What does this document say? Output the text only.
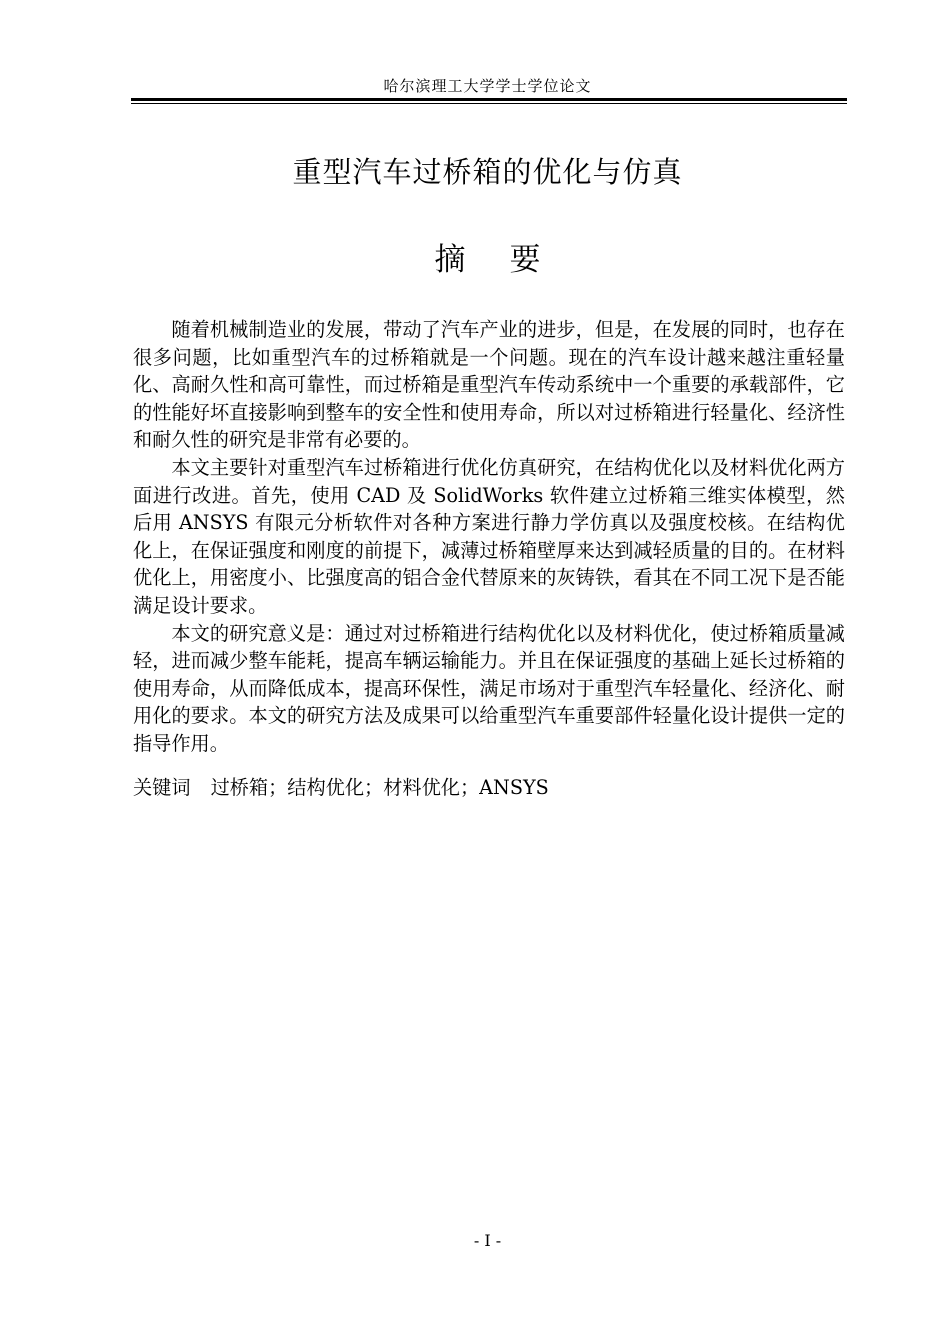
哈尔滨理工大学学士学位论文
重型汽车过桥箱的优化与仿真
摘 要

随着机械制造业的发展，带动了汽车产业的进步，但是，在发展的同时，也存在很多问题，比如重型汽车的过桥箱就是一个问题。现在的汽车设计越来越注重轻量化、高耐久性和高可靠性，而过桥箱是重型汽车传动系统中一个重要的承载部件，它的性能好坏直接影响到整车的安全性和使用寿命，所以对过桥箱进行轻量化、经济性和耐久性的研究是非常有必要的。

本文主要针对重型汽车过桥箱进行优化仿真研究，在结构优化以及材料优化两方面进行改进。首先，使用 CAD 及 SolidWorks 软件建立过桥箱三维实体模型，然后用 ANSYS 有限元分析软件对各种方案进行静力学仿真以及强度校核。在结构优化上，在保证强度和刚度的前提下，减薄过桥箱壁厚来达到减轻质量的目的。在材料优化上，用密度小、比强度高的铝合金代替原来的灰铸铁，看其在不同工况下是否能满足设计要求。

本文的研究意义是：通过对过桥箱进行结构优化以及材料优化，使过桥箱质量减轻，进而减少整车能耗，提高车辆运输能力。并且在保证强度的基础上延长过桥箱的使用寿命，从而降低成本，提高环保性，满足市场对于重型汽车轻量化、经济化、耐用化的要求。本文的研究方法及成果可以给重型汽车重要部件轻量化设计提供一定的指导作用。

关键词 过桥箱；结构优化；材料优化；ANSYS
- I -
